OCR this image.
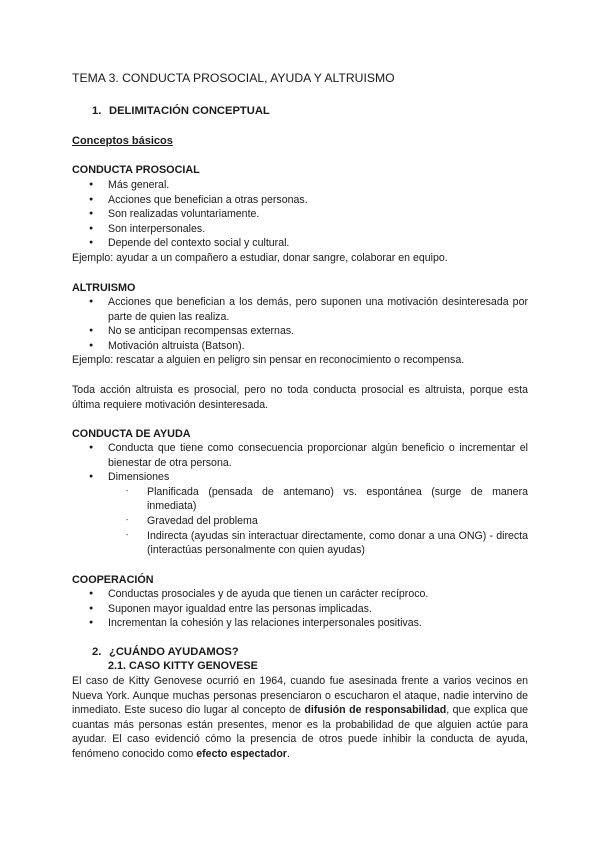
TEMA 3. CONDUCTA PROSOCIAL, AYUDA Y ALTRUISMO
1. DELIMITACIÓN CONCEPTUAL
Conceptos básicos
CONDUCTA PROSOCIAL
● Más general.
● Acciones que benefician a otras personas.
● Son realizadas voluntariamente.
● Son interpersonales.
● Depende del contexto social y cultural.
Ejemplo: ayudar a un compañero a estudiar, donar sangre, colaborar en equipo.
ALTRUISMO
● Acciones que benefician a los demás, pero suponen una motivación desinteresada por parte de quien las realiza.
● No se anticipan recompensas externas.
● Motivación altruista (Batson).
Ejemplo: rescatar a alguien en peligro sin pensar en reconocimiento o recompensa.
Toda acción altruista es prosocial, pero no toda conducta prosocial es altruista, porque esta última requiere motivación desinteresada.
CONDUCTA DE AYUDA
● Conducta que tiene como consecuencia proporcionar algún beneficio o incrementar el bienestar de otra persona.
● Dimensiones
- Planificada (pensada de antemano) vs. espontánea (surge de manera inmediata)
- Gravedad del problema
- Indirecta (ayudas sin interactuar directamente, como donar a una ONG) - directa (interactúas personalmente con quien ayudas)
COOPERACIÓN
● Conductas prosociales y de ayuda que tienen un carácter recíproco.
● Suponen mayor igualdad entre las personas implicadas.
● Incrementan la cohesión y las relaciones interpersonales positivas.
2. ¿CUÁNDO AYUDAMOS?
2.1. CASO KITTY GENOVESE
El caso de Kitty Genovese ocurrió en 1964, cuando fue asesinada frente a varios vecinos en Nueva York. Aunque muchas personas presenciaron o escucharon el ataque, nadie intervino de inmediato. Este suceso dio lugar al concepto de difusión de responsabilidad, que explica que cuantas más personas están presentes, menor es la probabilidad de que alguien actúe para ayudar. El caso evidenció cómo la presencia de otros puede inhibir la conducta de ayuda, fenómeno conocido como efecto espectador.
